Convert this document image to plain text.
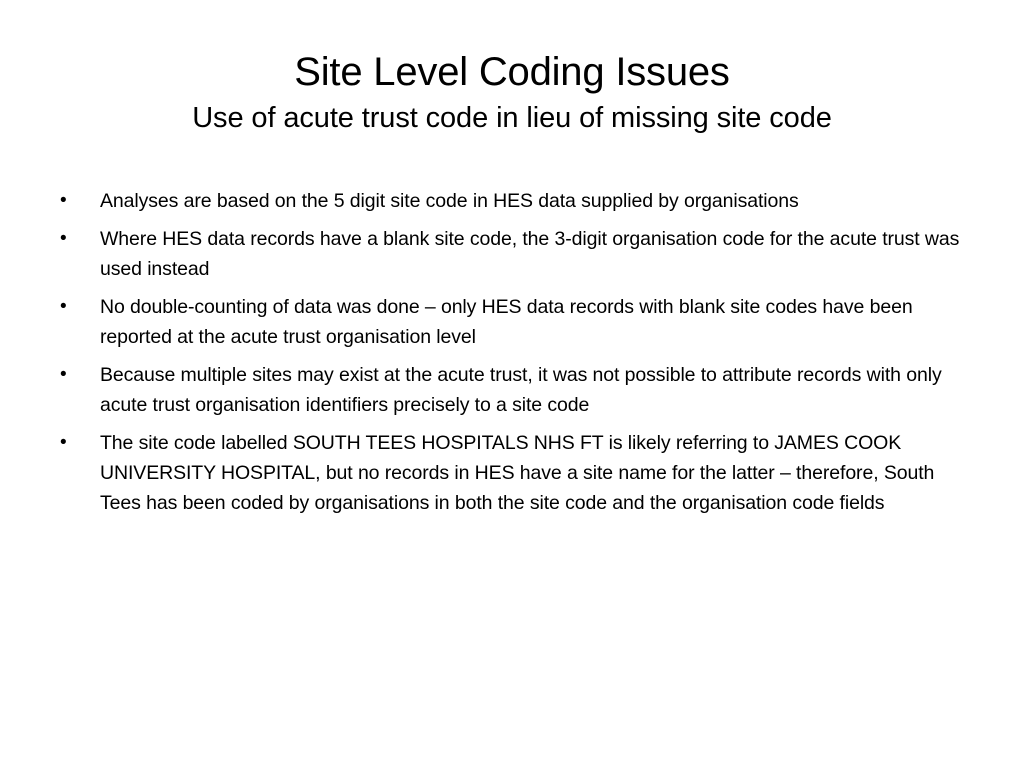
Site Level Coding Issues
Use of acute trust code in lieu of missing site code
• Analyses are based on the 5 digit site code in HES data supplied by organisations
• Where HES data records have a blank site code, the 3-digit organisation code for the acute trust was used instead
• No double-counting of data was done – only HES data records with blank site codes have been reported at the acute trust organisation level
• Because multiple sites may exist at the acute trust, it was not possible to attribute records with only acute trust organisation identifiers precisely to a site code
• The site code labelled SOUTH TEES HOSPITALS NHS FT is likely referring to JAMES COOK UNIVERSITY HOSPITAL, but no records in HES have a site name for the latter – therefore, South Tees has been coded by organisations in both the site code and the organisation code fields
